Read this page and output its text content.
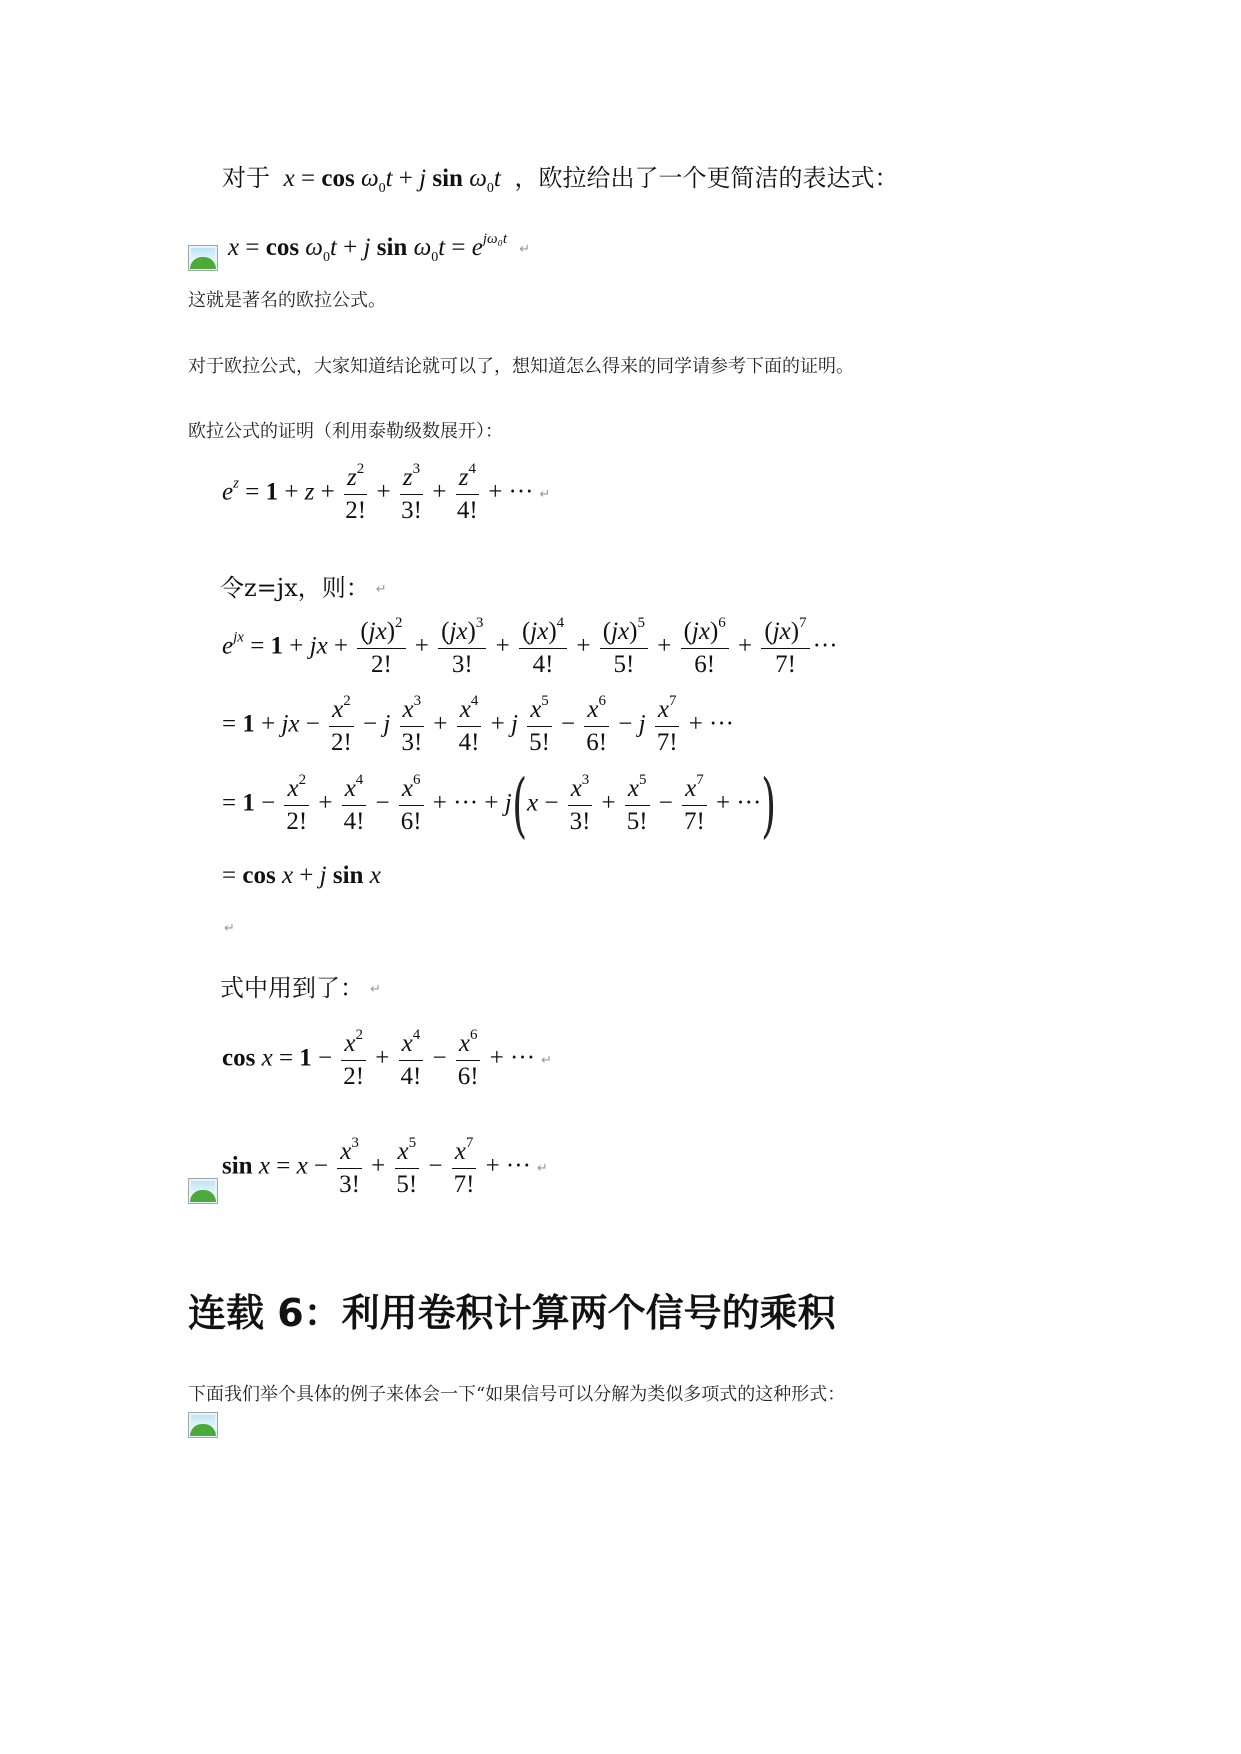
对于 $x = \cos \omega_0t + j$ $\sin \omega_0t$ ，欧拉给出了一个更简洁的表达式：
$x = \cos \omega_0t + j$ $\sin \omega_0t = e^{j\omega_0t}$ ↵
这就是著名的欧拉公式。
对于欧拉公式，大家知道结论就可以了，想知道怎么得来的同学请参考下面的证明。
欧拉公式的证明（利用泰勒级数展开）：
$e^z = 1 + z + \frac{z^2}{2!} + \frac{z^3}{3!} + \frac{z^4}{4!}$ + ··· ↵
令z=jx，则： ↵
$e^{jx} = 1$ + jx + $\frac{(jx)^2}{2!} + \frac{(jx)^3}{3!} + \frac{(jx)^4}{4!} + \frac{(jx)^5}{5!} + \frac{(jx)^6}{6!} + \frac{(jx)^7}{7!}$ ···
= 1 + jx − $\frac{x^2}{2!} - j \frac{x^3}{3!} + \frac{x^4}{4!} + j \frac{x^5}{5!} - \frac{x^6}{6!} - j \frac{x^7}{7!}$ + ···
= $1 - \frac{x^2}{2!} + \frac{x^4}{4!} - \frac{x^6}{6!}$ + ··· + $j(x - \frac{x^3}{3!} + \frac{x^5}{5!} - \frac{x^7}{7!}$ + ···)
= cos x + j sin x
↵
式中用到了： ↵
$\cos x = 1 - \frac{x^2}{2!} + \frac{x^4}{4!} - \frac{x^6}{6!}$ + ··· ↵
$\sin x = x - \frac{x^3}{3!} + \frac{x^5}{5!} - \frac{x^7}{7!}$ + ··· ↵
连载 6：利用卷积计算两个信号的乘积
下面我们举个具体的例子来体会一下“如果信号可以分解为类似多项式的这种形式：
